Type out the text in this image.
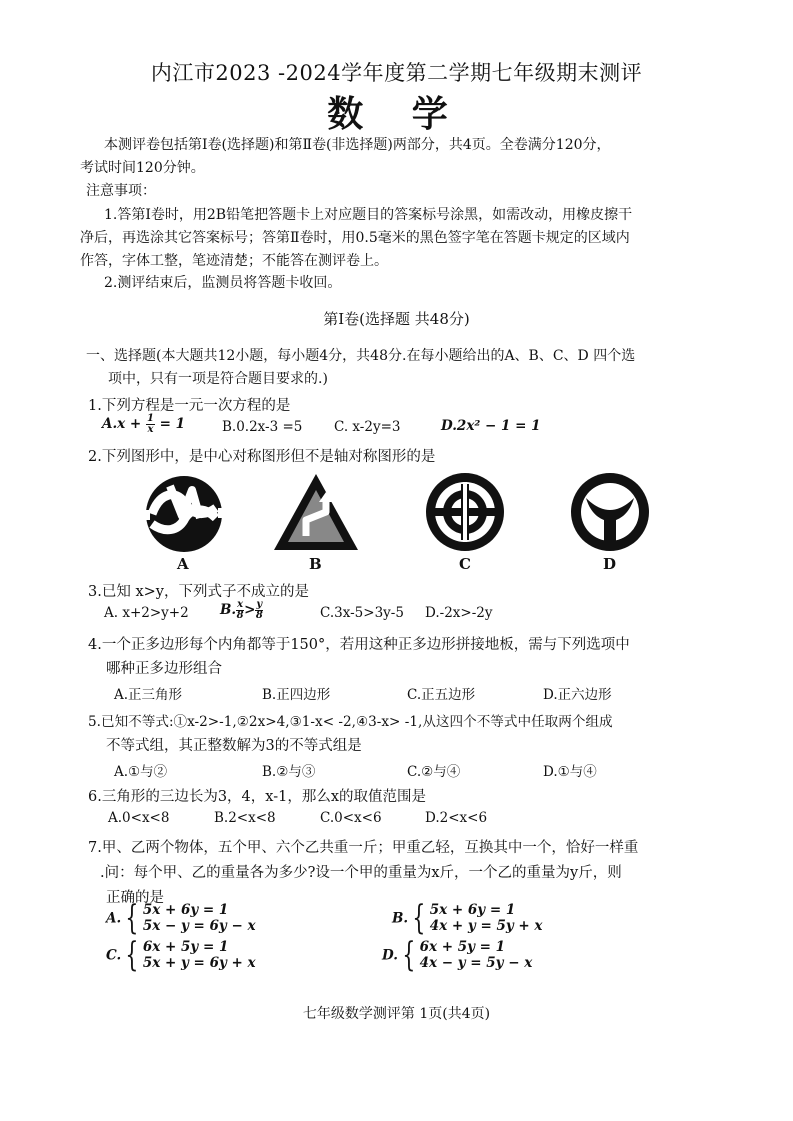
内江市2023 -2024学年度第二学期七年级期末测评
数 学
本测评卷包括第Ⅰ卷(选择题)和第Ⅱ卷(非选择题)两部分，共4页。全卷满分120分，
考试时间120分钟。
注意事项：
1.答第Ⅰ卷时，用2B铅笔把答题卡上对应题目的答案标号涂黑，如需改动，用橡皮擦干
净后，再选涂其它答案标号；答第Ⅱ卷时，用0.5毫米的黑色签字笔在答题卡规定的区域内
作答，字体工整，笔迹清楚；不能答在测评卷上。
2.测评结束后，监测员将答题卡收回。
第Ⅰ卷(选择题 共48分)
一、选择题(本大题共12小题，每小题4分，共48分.在每小题给出的A、B、C、D 四个选
项中，只有一项是符合题目要求的.)
1.下列方程是一元一次方程的是
$A.x + \frac{1}{x} = 1$	B.0.2x-3 =5 C. x-2y=3	D.2x² − 1 = 1
2.下列图形中，是中心对称图形但不是轴对称图形的是
A	B	C	D
3.已知 x>y，下列式子不成立的是
A. x+2>y+2 B. $\frac{x}{8} > \frac{y}{8}$	C.3x-5>3y-5 D.-2x>-2y
4.一个正多边形每个内角都等于150°，若用这种正多边形拼接地板，需与下列选项中
哪种正多边形组合
A.正三角形	B.正四边形	C.正五边形	D.正六边形
5.已知不等式:①x-2>-1,②2x>4,③1-x< -2,④3-x> -1,从这四个不等式中任取两个组成
不等式组，其正整数解为3的不等式组是
A.①与②	B.②与③	C.②与④	D.①与④
6.三角形的三边长为3，4，x-1，那么x的取值范围是
A.0<x<8	B.2<x<8	C.0<x<6	D.2<x<6
7.甲、乙两个物体，五个甲、六个乙共重一斤；甲重乙轻，互换其中一个，恰好一样重
.问：每个甲、乙的重量各为多少?设一个甲的重量为x斤，一个乙的重量为y斤，则
正确的是
A. { 5x + 6y = 1
5x − y = 6y − x	B. { 5x + 6y = 1
4x + y = 5y + x
C. { 6x + 5y = 1
5x + y = 6y + x	D. { 6x + 5y = 1
4x − y = 5y − x
七年级数学测评第 1页(共4页)
